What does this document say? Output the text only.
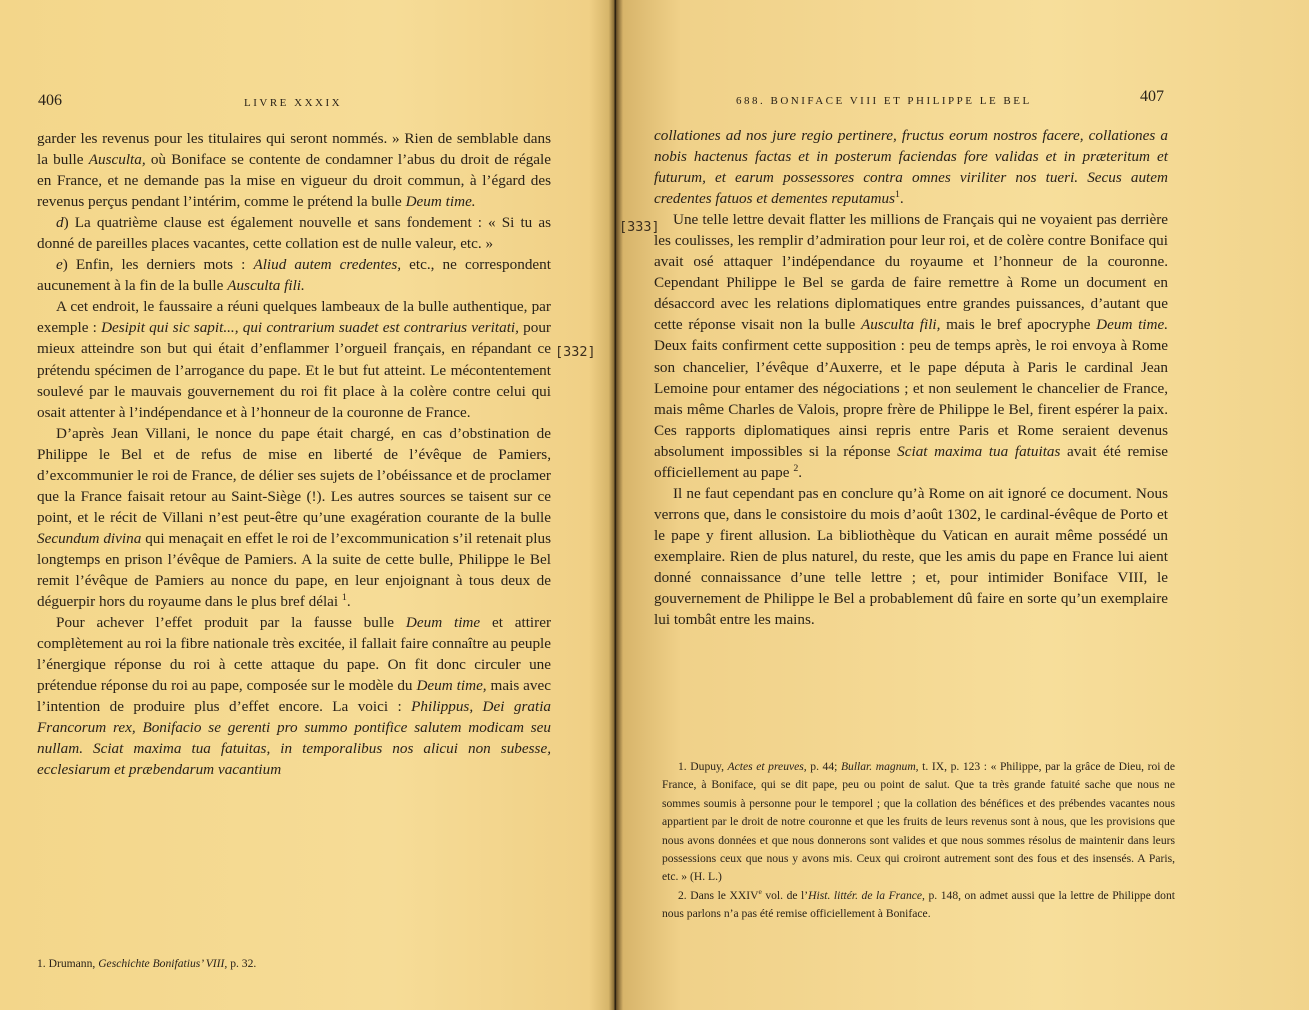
406	LIVRE XXXIX
[332]

garder les revenus pour les titulaires qui seront nommés. » Rien de semblable dans la bulle Ausculta, où Boniface se contente de condamner l’abus du droit de régale en France, et ne demande pas la mise en vigueur du droit commun, à l’égard des revenus perçus pendant l’intérim, comme le prétend la bulle Deum time.

d) La quatrième clause est également nouvelle et sans fondement : « Si tu as donné de pareilles places vacantes, cette collation est de nulle valeur, etc. »

e) Enfin, les derniers mots : Aliud autem credentes, etc., ne correspondent aucunement à la fin de la bulle Ausculta fili.

A cet endroit, le faussaire a réuni quelques lambeaux de la bulle authentique, par exemple : Desipit qui sic sapit..., qui contrarium suadet est contrarius veritati, pour mieux atteindre son but qui était d’enflammer l’orgueil français, en répandant ce prétendu spécimen de l’arrogance du pape. Et le but fut atteint. Le mécontentement soulevé par le mauvais gouvernement du roi fit place à la colère contre celui qui osait attenter à l’indépendance et à l’honneur de la couronne de France.

D’après Jean Villani, le nonce du pape était chargé, en cas d’obstination de Philippe le Bel et de refus de mise en liberté de l’évêque de Pamiers, d’excommunier le roi de France, de délier ses sujets de l’obéissance et de proclamer que la France faisait retour au Saint-Siège (!). Les autres sources se taisent sur ce point, et le récit de Villani n’est peut-être qu’une exagération courante de la bulle Secundum divina qui menaçait en effet le roi de l’excommunication s’il retenait plus longtemps en prison l’évêque de Pamiers. A la suite de cette bulle, Philippe le Bel remit l’évêque de Pamiers au nonce du pape, en leur enjoignant à tous deux de déguerpir hors du royaume dans le plus bref délai $^1$.

Pour achever l’effet produit par la fausse bulle Deum time et attirer complètement au roi la fibre nationale très excitée, il fallait faire connaître au peuple l’énergique réponse du roi à cette attaque du pape. On fit donc circuler une prétendue réponse du roi au pape, composée sur le modèle du Deum time, mais avec l’intention de produire plus d’effet encore. La voici : Philippus, Dei gratia Francorum rex, Bonifacio se gerenti pro summo pontifice salutem modicam seu nullam. Sciat maxima tua fatuitas, in temporalibus nos alicui non subesse, ecclesiarum et præbendarum vacantium

1. Drumann, Geschichte Bonifatius’ VIII, p. 32.

688. BONIFACE VIII ET PHILIPPE LE BEL	407
[333]

collationes ad nos jure regio pertinere, fructus eorum nostros facere, collationes a nobis hactenus factas et in posterum faciendas fore validas et in præteritum et futurum, et earum possessores contra omnes viriliter nos tueri. Secus autem credentes fatuos et dementes reputamus$^1$.

Une telle lettre devait flatter les millions de Français qui ne voyaient pas derrière les coulisses, les remplir d’admiration pour leur roi, et de colère contre Boniface qui avait osé attaquer l’indépendance du royaume et l’honneur de la couronne. Cependant Philippe le Bel se garda de faire remettre à Rome un document en désaccord avec les relations diplomatiques entre grandes puissances, d’autant que cette réponse visait non la bulle Ausculta fili, mais le bref apocryphe Deum time. Deux faits confirment cette supposition : peu de temps après, le roi envoya à Rome son chancelier, l’évêque d’Auxerre, et le pape députa à Paris le cardinal Jean Lemoine pour entamer des négociations ; et non seulement le chancelier de France, mais même Charles de Valois, propre frère de Philippe le Bel, firent espérer la paix. Ces rapports diplomatiques ainsi repris entre Paris et Rome seraient devenus absolument impossibles si la réponse Sciat maxima tua fatuitas avait été remise officiellement au pape $^2$.

Il ne faut cependant pas en conclure qu’à Rome on ait ignoré ce document. Nous verrons que, dans le consistoire du mois d’août 1302, le cardinal-évêque de Porto et le pape y firent allusion. La bibliothèque du Vatican en aurait même possédé un exemplaire. Rien de plus naturel, du reste, que les amis du pape en France lui aient donné connaissance d’une telle lettre ; et, pour intimider Boniface VIII, le gouvernement de Philippe le Bel a probablement dû faire en sorte qu’un exemplaire lui tombât entre les mains.

1. Dupuy, Actes et preuves, p. 44; Bullar. magnum, t. IX, p. 123 : « Philippe, par la grâce de Dieu, roi de France, à Boniface, qui se dit pape, peu ou point de salut. Que ta très grande fatuité sache que nous ne sommes soumis à personne pour le temporel ; que la collation des bénéfices et des prébendes vacantes nous appartient par le droit de notre couronne et que les fruits de leurs revenus sont à nous, que les provisions que nous avons données et que nous donnerons sont valides et que nous sommes résolus de maintenir dans leurs possessions ceux que nous y avons mis. Ceux qui croiront autrement sont des fous et des insensés. A Paris, etc. » (H. L.)

2. Dans le XXIVe vol. de l’Hist. littér. de la France, p. 148, on admet aussi que la lettre de Philippe dont nous parlons n’a pas été remise officiellement à Boniface.
